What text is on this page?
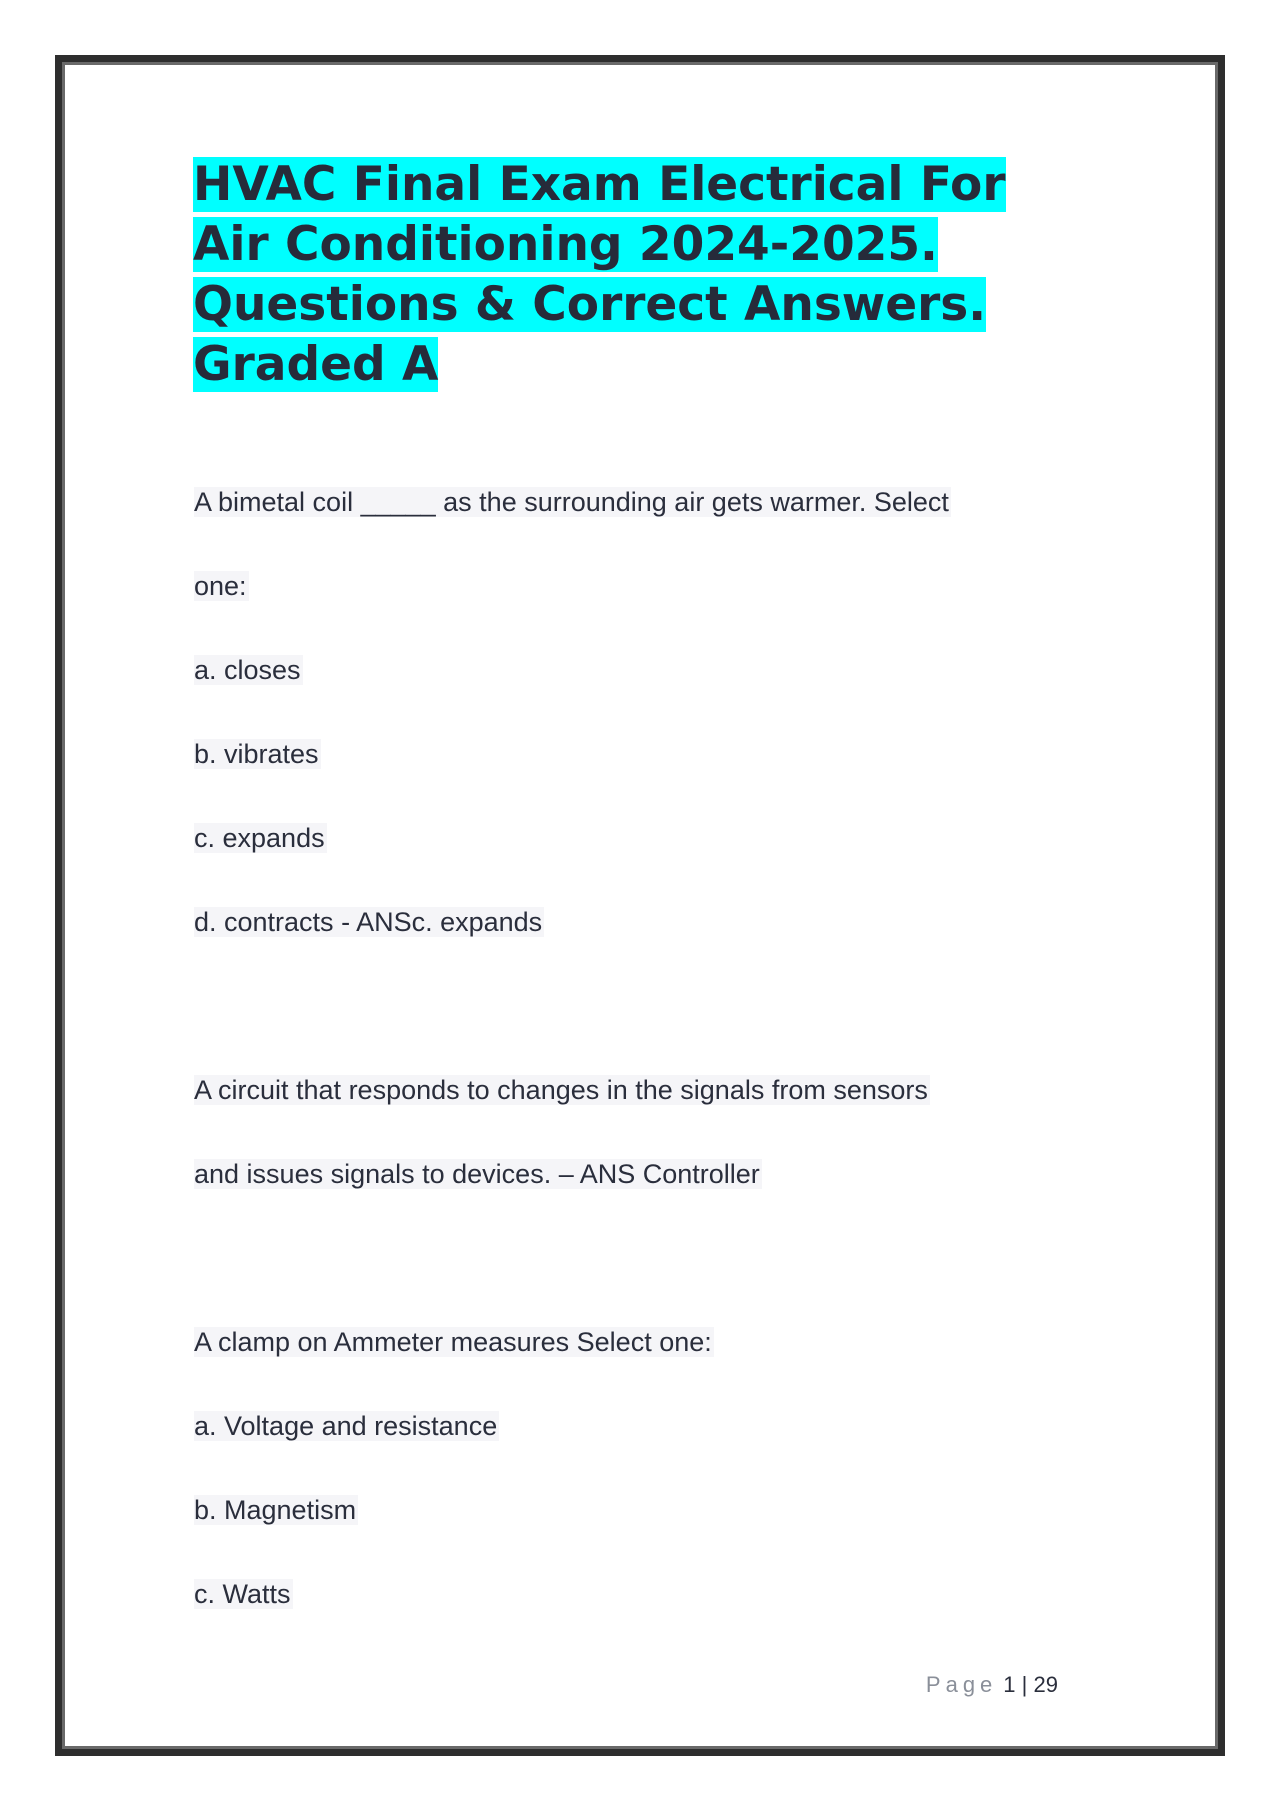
HVAC Final Exam Electrical For Air Conditioning 2024-2025. Questions & Correct Answers. Graded A
A bimetal coil _____ as the surrounding air gets warmer. Select
one:
a. closes
b. vibrates
c. expands
d. contracts - ANSc. expands
A circuit that responds to changes in the signals from sensors
and issues signals to devices. – ANS Controller
A clamp on Ammeter measures Select one:
a. Voltage and resistance
b. Magnetism
c. Watts
Page 1 | 29
